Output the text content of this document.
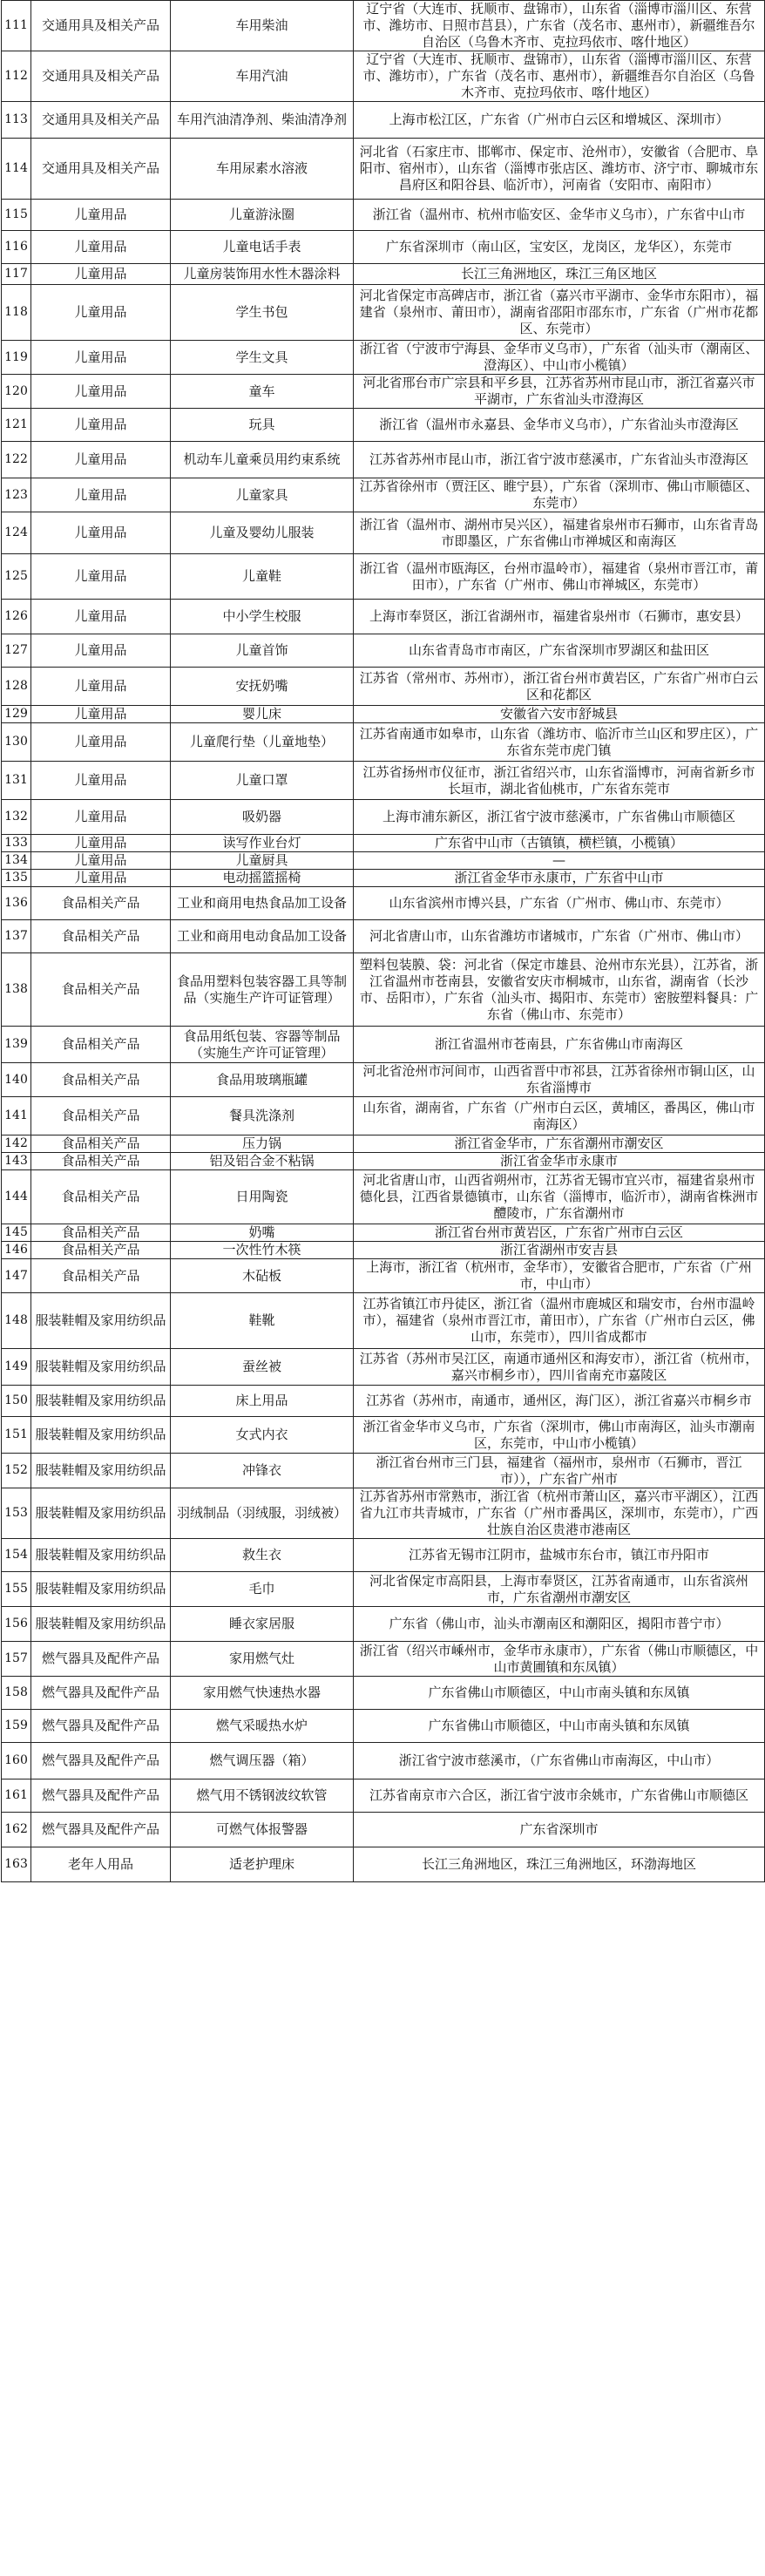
111	交通用具及相关产品	车用柴油	辽宁省（大连市、抚顺市、盘锦市），山东省（淄博市淄川区、东营市、潍坊市、日照市莒县），广东省（茂名市、惠州市），新疆维吾尔自治区（乌鲁木齐市、克拉玛依市、喀什地区）
112	交通用具及相关产品	车用汽油	辽宁省（大连市、抚顺市、盘锦市），山东省（淄博市淄川区、东营市、潍坊市），广东省（茂名市、惠州市），新疆维吾尔自治区（乌鲁木齐市、克拉玛依市、喀什地区）
113	交通用具及相关产品	车用汽油清净剂、柴油清净剂	上海市松江区，广东省（广州市白云区和增城区、深圳市）
114	交通用具及相关产品	车用尿素水溶液	河北省（石家庄市、邯郸市、保定市、沧州市），安徽省（合肥市、阜阳市、宿州市），山东省（淄博市张店区、潍坊市、济宁市、聊城市东昌府区和阳谷县、临沂市），河南省（安阳市、南阳市）
115	儿童用品	儿童游泳圈	浙江省（温州市、杭州市临安区、金华市义乌市），广东省中山市
116	儿童用品	儿童电话手表	广东省深圳市（南山区，宝安区，龙岗区，龙华区），东莞市
117	儿童用品	儿童房装饰用水性木器涂料	长江三角洲地区，珠江三角区地区
118	儿童用品	学生书包	河北省保定市高碑店市，浙江省（嘉兴市平湖市、金华市东阳市），福建省（泉州市、莆田市），湖南省邵阳市邵东市，广东省（广州市花都区、东莞市）
119	儿童用品	学生文具	浙江省（宁波市宁海县、金华市义乌市），广东省（汕头市（潮南区、澄海区）、中山市小榄镇）
120	儿童用品	童车	河北省邢台市广宗县和平乡县，江苏省苏州市昆山市，浙江省嘉兴市平湖市，广东省汕头市澄海区
121	儿童用品	玩具	浙江省（温州市永嘉县、金华市义乌市），广东省汕头市澄海区
122	儿童用品	机动车儿童乘员用约束系统	江苏省苏州市昆山市，浙江省宁波市慈溪市，广东省汕头市澄海区
123	儿童用品	儿童家具	江苏省徐州市（贾汪区、睢宁县），广东省（深圳市、佛山市顺德区、东莞市）
124	儿童用品	儿童及婴幼儿服装	浙江省（温州市、湖州市吴兴区），福建省泉州市石狮市，山东省青岛市即墨区，广东省佛山市禅城区和南海区
125	儿童用品	儿童鞋	浙江省（温州市瓯海区，台州市温岭市），福建省（泉州市晋江市，莆田市），广东省（广州市、佛山市禅城区，东莞市）
126	儿童用品	中小学生校服	上海市奉贤区，浙江省湖州市，福建省泉州市（石狮市，惠安县）
127	儿童用品	儿童首饰	山东省青岛市市南区，广东省深圳市罗湖区和盐田区
128	儿童用品	安抚奶嘴	江苏省（常州市、苏州市），浙江省台州市黄岩区，广东省广州市白云区和花都区
129	儿童用品	婴儿床	安徽省六安市舒城县
130	儿童用品	儿童爬行垫（儿童地垫）	江苏省南通市如皋市，山东省（潍坊市、临沂市兰山区和罗庄区），广东省东莞市虎门镇
131	儿童用品	儿童口罩	江苏省扬州市仪征市，浙江省绍兴市，山东省淄博市，河南省新乡市长垣市，湖北省仙桃市，广东省东莞市
132	儿童用品	吸奶器	上海市浦东新区，浙江省宁波市慈溪市，广东省佛山市顺德区
133	儿童用品	读写作业台灯	广东省中山市（古镇镇，横栏镇，小榄镇）
134	儿童用品	儿童厨具	—
135	儿童用品	电动摇篮摇椅	浙江省金华市永康市，广东省中山市
136	食品相关产品	工业和商用电热食品加工设备	山东省滨州市博兴县，广东省（广州市、佛山市、东莞市）
137	食品相关产品	工业和商用电动食品加工设备	河北省唐山市，山东省潍坊市诸城市，广东省（广州市、佛山市）
138	食品相关产品	食品用塑料包装容器工具等制品（实施生产许可证管理）	塑料包装膜、袋：河北省（保定市雄县、沧州市东光县），江苏省，浙江省温州市苍南县，安徽省安庆市桐城市，山东省，湖南省（长沙市、岳阳市），广东省（汕头市、揭阳市、东莞市）密胺塑料餐具：广东省（佛山市、东莞市）
139	食品相关产品	食品用纸包装、容器等制品（实施生产许可证管理）	浙江省温州市苍南县，广东省佛山市南海区
140	食品相关产品	食品用玻璃瓶罐	河北省沧州市河间市，山西省晋中市祁县，江苏省徐州市铜山区，山东省淄博市
141	食品相关产品	餐具洗涤剂	山东省，湖南省，广东省（广州市白云区，黄埔区，番禺区，佛山市南海区）
142	食品相关产品	压力锅	浙江省金华市，广东省潮州市潮安区
143	食品相关产品	铝及铝合金不粘锅	浙江省金华市永康市
144	食品相关产品	日用陶瓷	河北省唐山市，山西省朔州市，江苏省无锡市宜兴市，福建省泉州市德化县，江西省景德镇市，山东省（淄博市，临沂市），湖南省株洲市醴陵市，广东省潮州市
145	食品相关产品	奶嘴	浙江省台州市黄岩区，广东省广州市白云区
146	食品相关产品	一次性竹木筷	浙江省湖州市安吉县
147	食品相关产品	木砧板	上海市，浙江省（杭州市，金华市），安徽省合肥市，广东省（广州市，中山市）
148	服装鞋帽及家用纺织品	鞋靴	江苏省镇江市丹徒区，浙江省（温州市鹿城区和瑞安市，台州市温岭市），福建省（泉州市晋江市，莆田市），广东省（广州市白云区，佛山市，东莞市），四川省成都市
149	服装鞋帽及家用纺织品	蚕丝被	江苏省（苏州市吴江区，南通市通州区和海安市），浙江省（杭州市，嘉兴市桐乡市），四川省南充市嘉陵区
150	服装鞋帽及家用纺织品	床上用品	江苏省（苏州市，南通市，通州区，海门区），浙江省嘉兴市桐乡市
151	服装鞋帽及家用纺织品	女式内衣	浙江省金华市义乌市，广东省（深圳市，佛山市南海区，汕头市潮南区，东莞市，中山市小榄镇）
152	服装鞋帽及家用纺织品	冲锋衣	浙江省台州市三门县，福建省（福州市，泉州市（石狮市，晋江市）），广东省广州市
153	服装鞋帽及家用纺织品	羽绒制品（羽绒服，羽绒被）	江苏省苏州市常熟市，浙江省（杭州市萧山区，嘉兴市平湖区），江西省九江市共青城市，广东省（广州市番禺区，深圳市，东莞市），广西壮族自治区贵港市港南区
154	服装鞋帽及家用纺织品	救生衣	江苏省无锡市江阴市，盐城市东台市，镇江市丹阳市
155	服装鞋帽及家用纺织品	毛巾	河北省保定市高阳县，上海市奉贤区，江苏省南通市，山东省滨州市，广东省潮州市潮安区
156	服装鞋帽及家用纺织品	睡衣家居服	广东省（佛山市，汕头市潮南区和潮阳区，揭阳市普宁市）
157	燃气器具及配件产品	家用燃气灶	浙江省（绍兴市嵊州市，金华市永康市），广东省（佛山市顺德区，中山市黄圃镇和东凤镇）
158	燃气器具及配件产品	家用燃气快速热水器	广东省佛山市顺德区，中山市南头镇和东凤镇
159	燃气器具及配件产品	燃气采暖热水炉	广东省佛山市顺德区，中山市南头镇和东凤镇
160	燃气器具及配件产品	燃气调压器（箱）	浙江省宁波市慈溪市，（广东省佛山市南海区，中山市）
161	燃气器具及配件产品	燃气用不锈钢波纹软管	江苏省南京市六合区，浙江省宁波市余姚市，广东省佛山市顺德区
162	燃气器具及配件产品	可燃气体报警器	广东省深圳市
163	老年人用品	适老护理床	长江三角洲地区，珠江三角洲地区，环渤海地区
